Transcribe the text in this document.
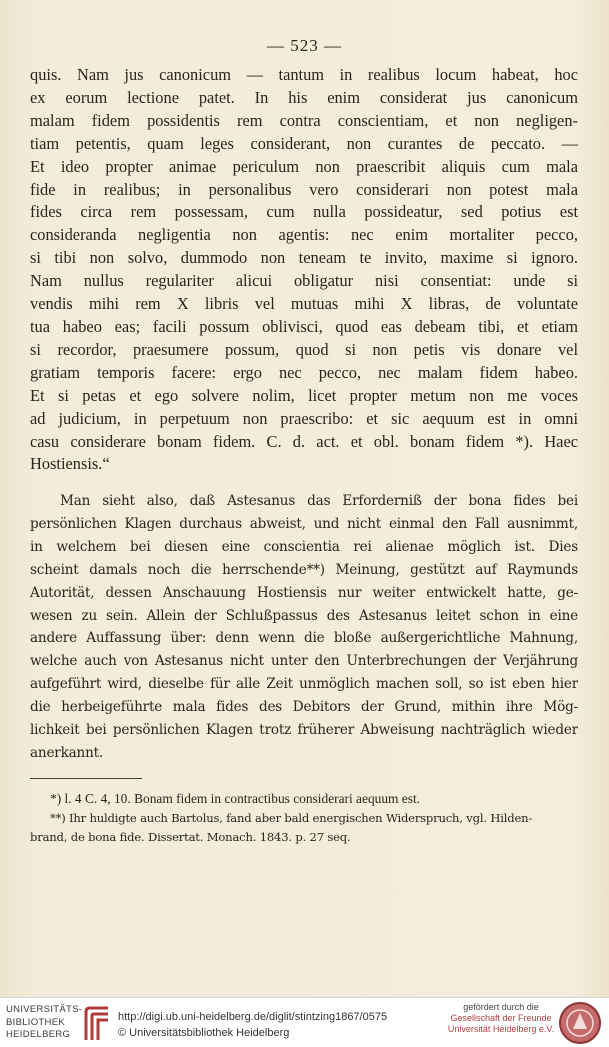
— 523 —
quis. Nam jus canonicum — tantum in realibus locum habeat, hoc
ex eorum lectione patet. In his enim considerat jus canonicum
malam fidem possidentis rem contra conscientiam, et non negligen-
tiam petentis, quam leges considerant, non curantes de peccato. —
Et ideo propter animae periculum non praescribit aliquis cum mala
fide in realibus; in personalibus vero considerari non potest mala
fides circa rem possessam, cum nulla possideatur, sed potius est
consideranda negligentia non agentis: nec enim mortaliter pecco,
si tibi non solvo, dummodo non teneam te invito, maxime si ignoro.
Nam nullus regulariter alicui obligatur nisi consentiat: unde si
vendis mihi rem X libris vel mutuas mihi X libras, de voluntate
tua habeo eas; facili possum oblivisci, quod eas debeam tibi, et etiam
si recordor, praesumere possum, quod si non petis vis donare vel
gratiam temporis facere: ergo nec pecco, nec malam fidem habeo.
Et si petas et ego solvere nolim, licet propter metum non me voces
ad judicium, in perpetuum non praescribo: et sic aequum est in omni
casu considerare bonam fidem. C. d. act. et obl. bonam fidem *). Haec
Hostiensis.“
Man sieht also, daß Astesanus das Erforderniß der bona fides bei
persönlichen Klagen durchaus abweist, und nicht einmal den Fall ausnimmt,
in welchem bei diesen eine conscientia rei alienae möglich ist. Dies
scheint damals noch die herrschende**) Meinung, gestützt auf Raymunds
Autorität, dessen Anschauung Hostiensis nur weiter entwickelt hatte, ge-
wesen zu sein. Allein der Schlußpassus des Astesanus leitet schon in eine
andere Auffassung über: denn wenn die bloße außergerichtliche Mahnung,
welche auch von Astesanus nicht unter den Unterbrechungen der Verjährung
aufgeführt wird, dieselbe für alle Zeit unmöglich machen soll, so ist eben hier
die herbeigeführte mala fides des Debitors der Grund, mithin ihre Mög-
lichkeit bei persönlichen Klagen trotz früherer Abweisung nachträglich wieder
anerkannt.
*) l. 4 C. 4, 10. Bonam fidem in contractibus considerari aequum est.
**) Ihr huldigte auch Bartolus, fand aber bald energischen Widerspruch, vgl. Hilden-
brand, de bona fide. Dissertat. Monach. 1843. p. 27 seq.
UNIVERSITÄTS-
BIBLIOTHEK
HEIDELBERG
http://digi.ub.uni-heidelberg.de/diglit/stintzing1867/0575
© Universitätsbibliothek Heidelberg
gefördert durch die
Gesellschaft der Freunde
Universität Heidelberg e.V.
